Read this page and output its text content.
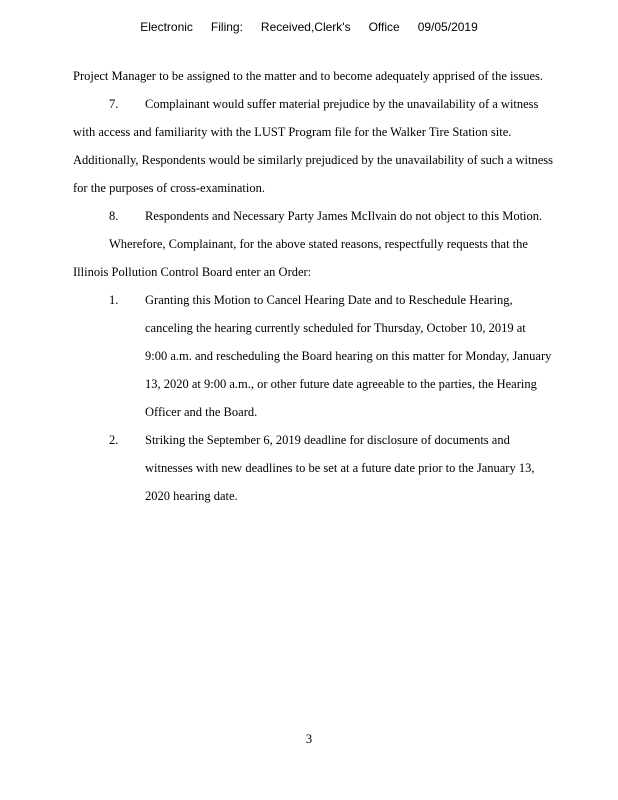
Electronic Filing: Received,Clerk's Office 09/05/2019
Project Manager to be assigned to the matter and to become adequately apprised of the issues.
7. Complainant would suffer material prejudice by the unavailability of a witness
with access and familiarity with the LUST Program file for the Walker Tire Station site.
Additionally, Respondents would be similarly prejudiced by the unavailability of such a witness
for the purposes of cross-examination.
8. Respondents and Necessary Party James McIlvain do not object to this Motion.
Wherefore, Complainant, for the above stated reasons, respectfully requests that the
Illinois Pollution Control Board enter an Order:
1. Granting this Motion to Cancel Hearing Date and to Reschedule Hearing,
canceling the hearing currently scheduled for Thursday, October 10, 2019 at
9:00 a.m. and rescheduling the Board hearing on this matter for Monday, January
13, 2020 at 9:00 a.m., or other future date agreeable to the parties, the Hearing
Officer and the Board.
2. Striking the September 6, 2019 deadline for disclosure of documents and
witnesses with new deadlines to be set at a future date prior to the January 13,
2020 hearing date.
3
